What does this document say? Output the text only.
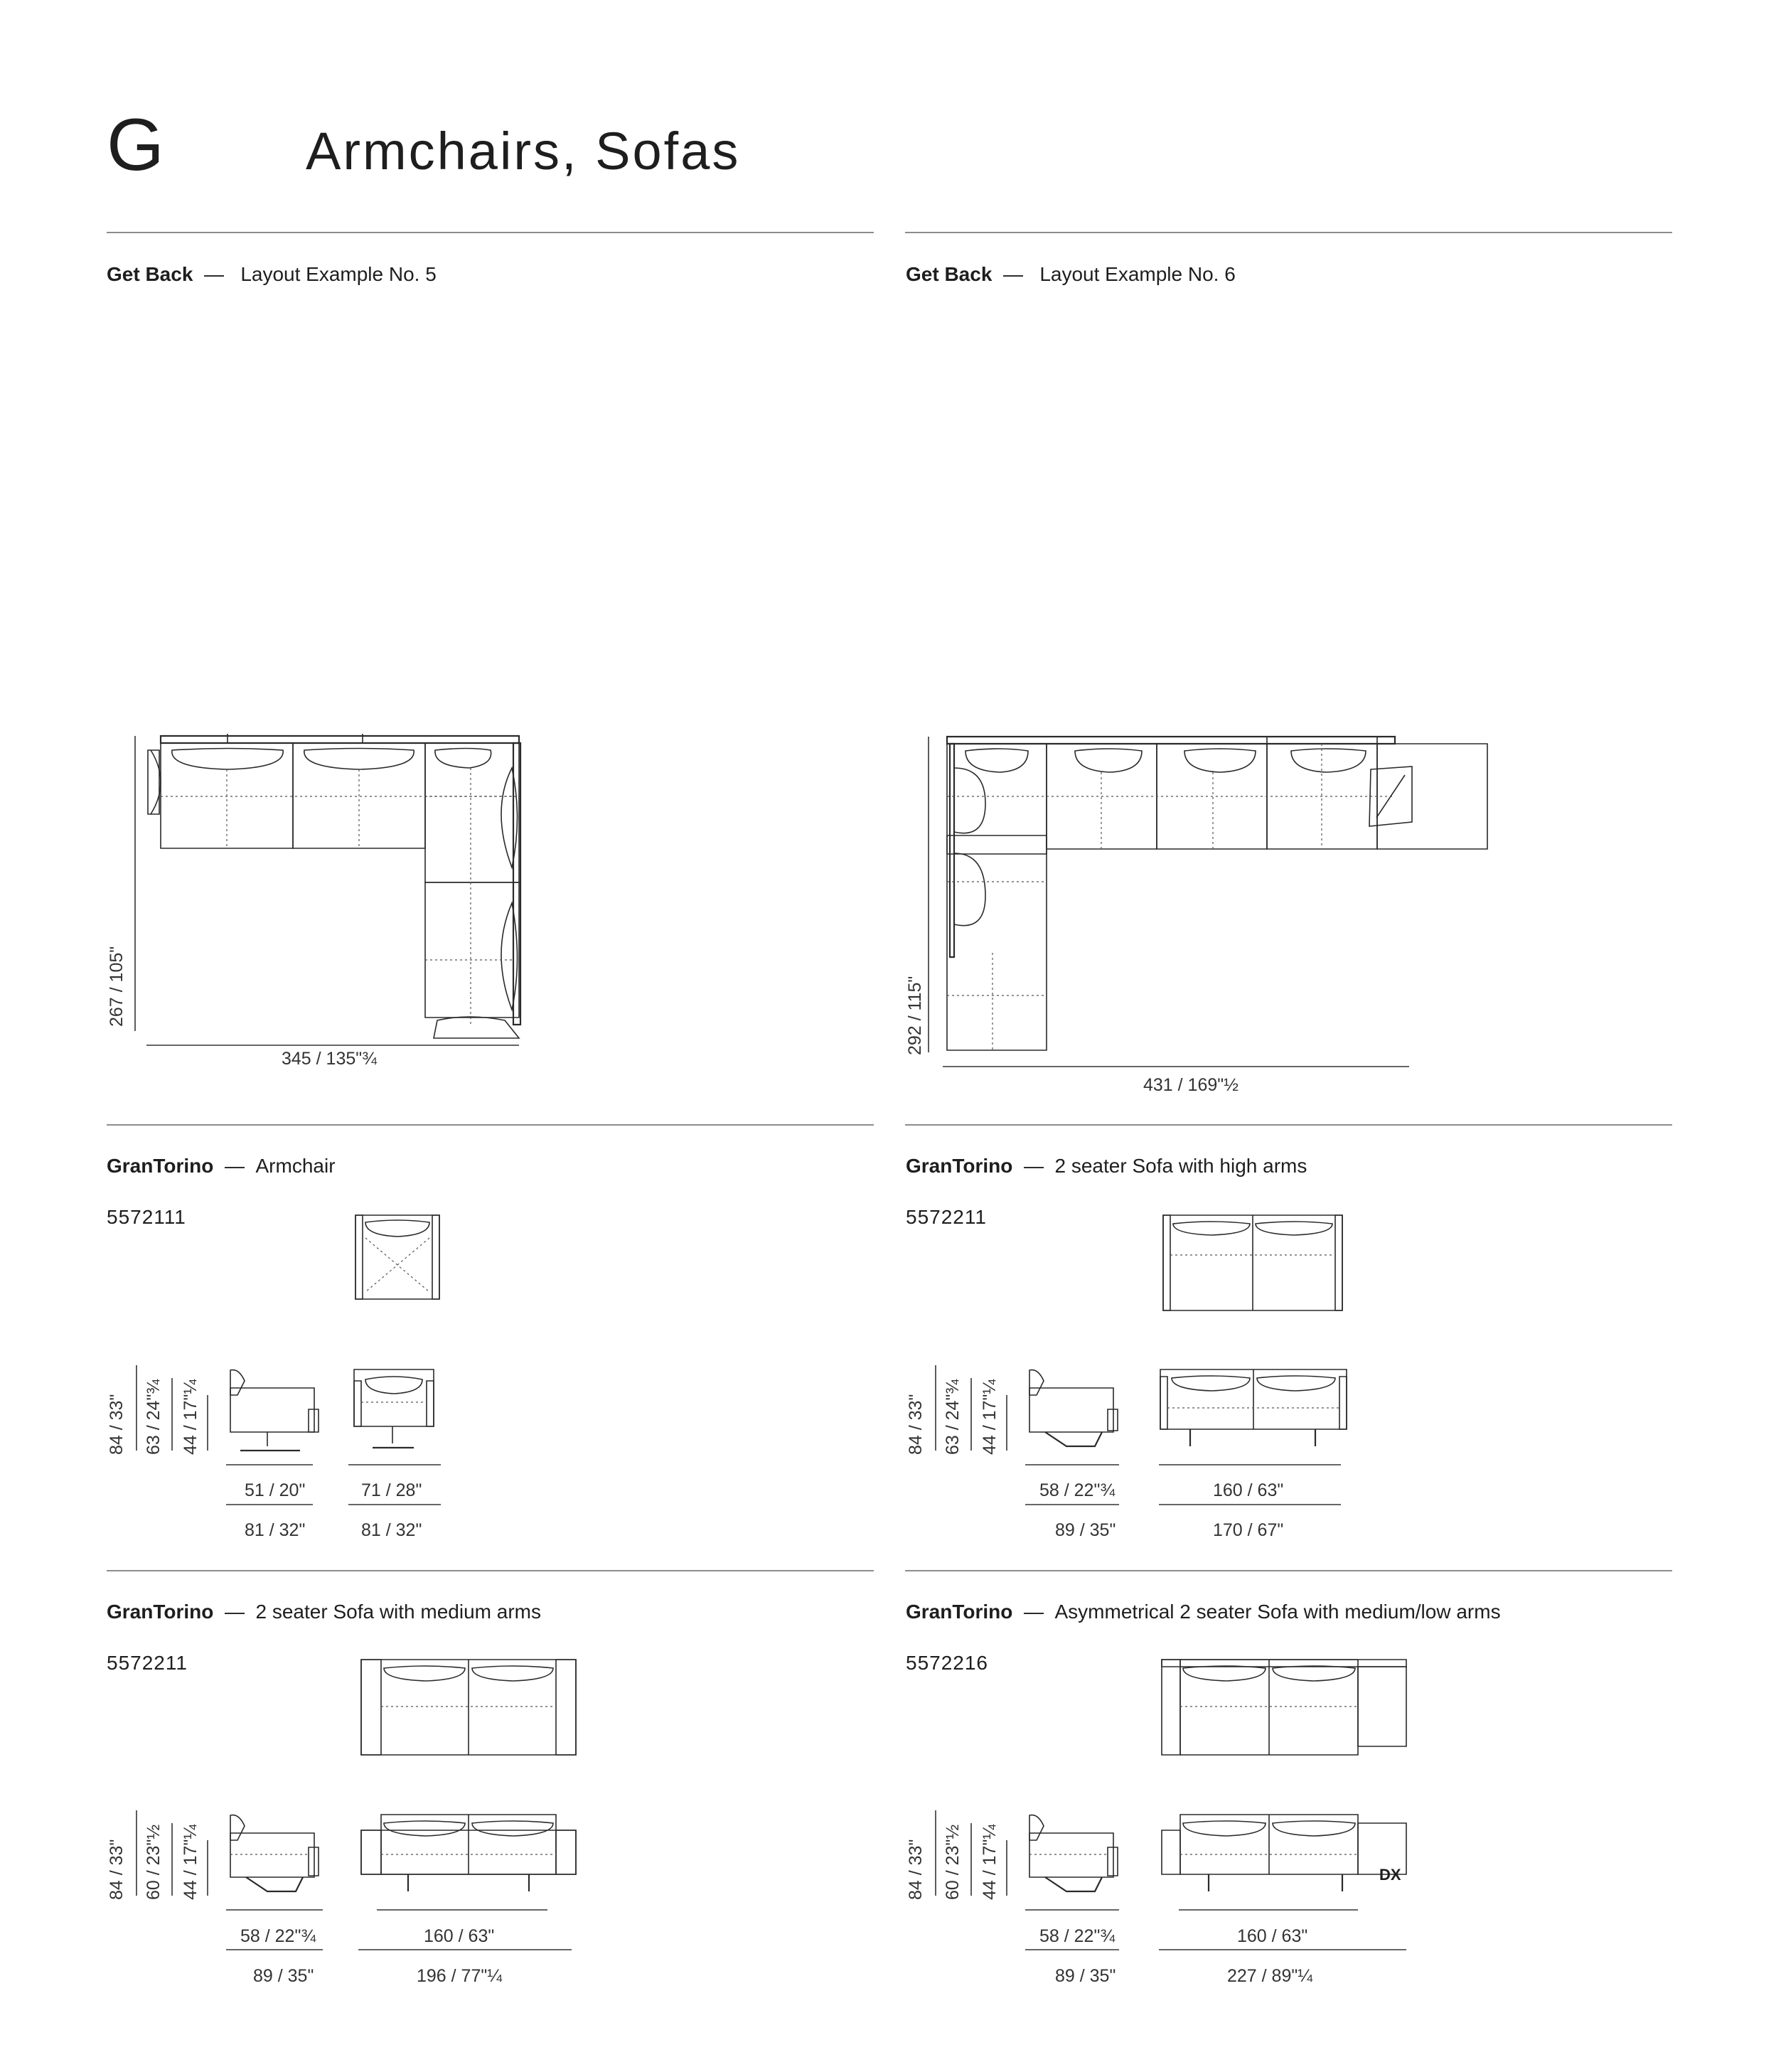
G	Armchairs, Sofas
Get Back — Layout Example No. 5
267 / 105"
345 / 135"¾
Get Back — Layout Example No. 6
292 / 115"
431 / 169"½
GranTorino — Armchair
5572111
84 / 33" 63 / 24"¾ 44 / 17"¼
51 / 20"
81 / 32"
71 / 28"
81 / 32"
GranTorino — 2 seater Sofa with high arms
5572211
84 / 33" 63 / 24"¾ 44 / 17"¼
58 / 22"¾
89 / 35"
160 / 63"
170 / 67"
GranTorino — 2 seater Sofa with medium arms
5572211
84 / 33" 60 / 23"½ 44 / 17"¼
58 / 22"¾
89 / 35"
160 / 63"
196 / 77"¼
GranTorino — Asymmetrical 2 seater Sofa with medium/low arms
5572216
DX
84 / 33" 60 / 23"½ 44 / 17"¼
58 / 22"¾
89 / 35"
160 / 63"
227 / 89"¼
